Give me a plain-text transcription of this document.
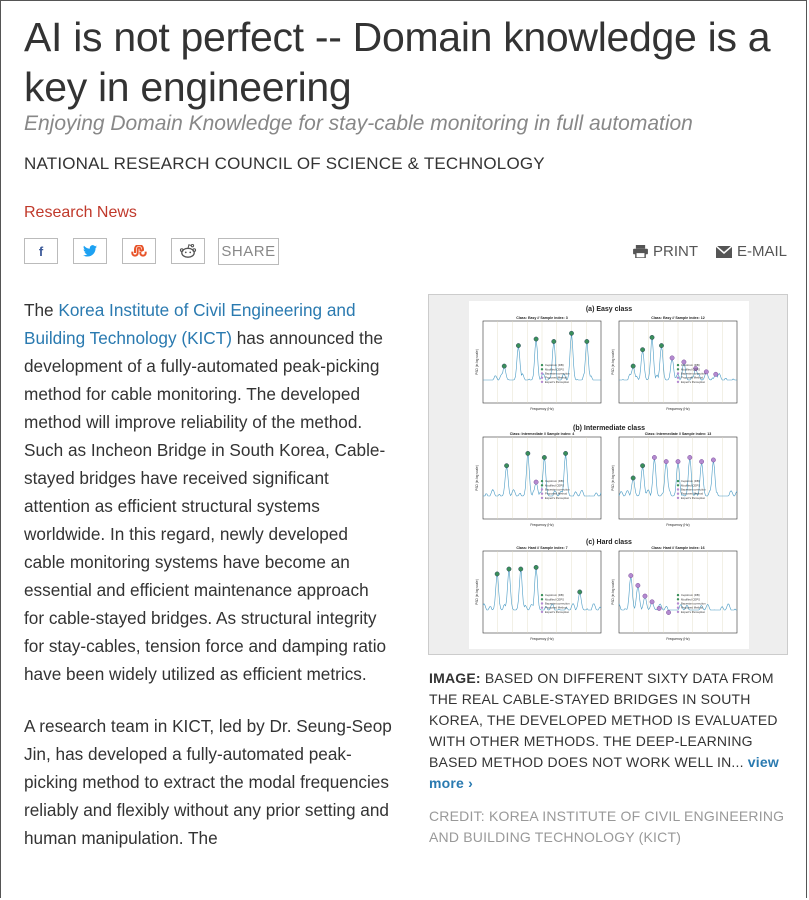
AI is not perfect -- Domain knowledge is a key in engineering

Enjoying Domain Knowledge for stay-cable monitoring in full automation

NATIONAL RESEARCH COUNCIL OF SCIENCE & TECHNOLOGY
Research News
f	SHARE	PRINT	E-MAIL

The Korea Institute of Civil Engineering and Building Technology (KICT) has announced the development of a fully-automated peak-picking method for cable monitoring. The developed method will improve reliability of the method. Such as Incheon Bridge in South Korea, Cable-stayed bridges have received significant attention as efficient structural systems worldwide. In this regard, newly developed cable monitoring systems have become an essential and efficient maintenance approach for cable-stayed bridges. As structural integrity for stay-cables, tension force and damping ratio have been widely utilized as efficient metrics.

A research team in KICT, led by Dr. Seung-Seop Jin, has developed a fully-automated peak-picking method to extract the modal frequencies reliably and flexibly without any prior setting and human manipulation. The

(a) Easy class
(b) Intermediate class
(c) Hard class
Class: Easy // Sample index: 3
Frequency (Hz)
PSD (in log scale)	Cepstrum (DB)
Modified CEPS
Bayesian correction
Proposed Method
Expert's Perception
Class: Easy // Sample index: 12
Frequency (Hz)
PSD (in log scale)	Cepstrum (DB)
Modified CEPS
Bayesian correction
Proposed Method
Expert's Perception
Class: Intermediate // Sample index: 4
Frequency (Hz)
PSD (in log scale)	Cepstrum (DB)
Modified CEPS
Bayesian correction
Proposed Method
Expert's Perception
Class: Intermediate // Sample index: 13
Frequency (Hz)
PSD (in log scale)	Cepstrum (DB)
Modified CEPS
Bayesian correction
Proposed Method
Expert's Perception
Class: Hard // Sample index: 7
Frequency (Hz)
PSD (in log scale)	Cepstrum (DB)
Modified CEPS
Bayesian correction
Proposed Method
Expert's Perception
Class: Hard // Sample index: 16
Frequency (Hz)
PSD (in log scale)	Cepstrum (DB)
Modified CEPS
Bayesian correction
Proposed Method
Expert's Perception
IMAGE: BASED ON DIFFERENT SIXTY DATA FROM THE REAL CABLE-STAYED BRIDGES IN SOUTH KOREA, THE DEVELOPED METHOD IS EVALUATED WITH OTHER METHODS. THE DEEP-LEARNING BASED METHOD DOES NOT WORK WELL IN... view more ›
CREDIT: KOREA INSTITUTE OF CIVIL ENGINEERING AND BUILDING TECHNOLOGY (KICT)
